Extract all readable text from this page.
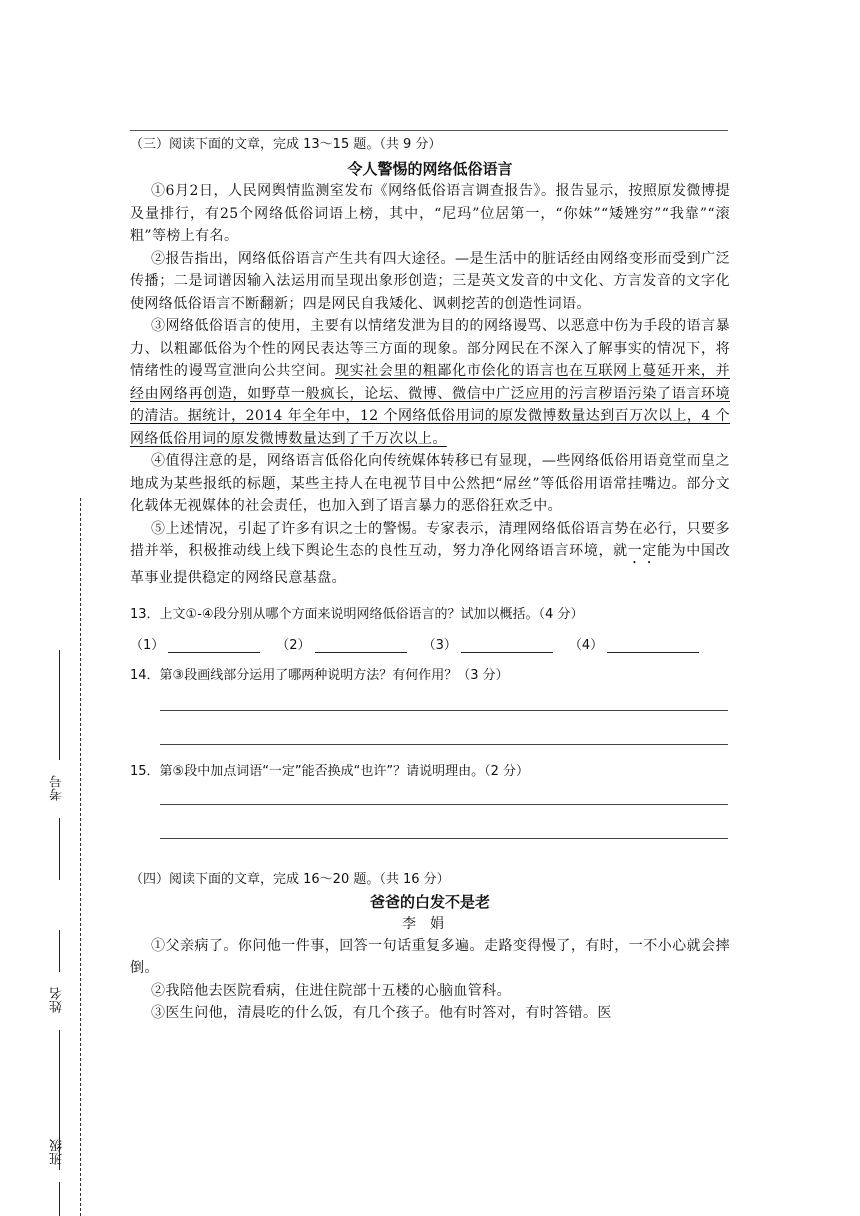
考号
姓名
班级

（三）阅读下面的文章，完成 13～15 题。（共 9 分）

令人警惕的网络低俗语言

①6月2日，人民网舆情监测室发布《网络低俗语言调查报告》。报告显示，按照原发微博提及量排行，有25个网络低俗词语上榜，其中，“尼玛”位居第一，“你妹”“矮矬穷”“我靠”“滚粗”等榜上有名。

②报告指出，网络低俗语言产生共有四大途径。—是生活中的脏话经由网络变形而受到广泛传播；二是词谱因输入法运用而呈现出象形创造；三是英文发音的中文化、方言发音的文字化使网络低俗语言不断翻新；四是网民自我矮化、讽刺挖苦的创造性词语。

③网络低俗语言的使用，主要有以情绪发泄为目的的网络谩骂、以恶意中伤为手段的语言暴力、以粗鄙低俗为个性的网民表达等三方面的现象。部分网民在不深入了解事实的情况下，将情绪性的谩骂宣泄向公共空间。现实社会里的粗鄙化市侩化的语言也在互联网上蔓延开来，并经由网络再创造，如野草一般疯长，论坛、微博、微信中广泛应用的污言秽语污染了语言环境的清洁。据统计，2014 年全年中，12 个网络低俗用词的原发微博数量达到百万次以上，4 个网络低俗用词的原发微博数量达到了千万次以上。

④值得注意的是，网络语言低俗化向传统媒体转移已有显现，—些网络低俗用语竟堂而皇之地成为某些报纸的标题，某些主持人在电视节目中公然把“屌丝”等低俗用语常挂嘴边。部分文化载体无视媒体的社会责任，也加入到了语言暴力的恶俗狂欢乏中。

⑤上述情况，引起了许多有识之士的警惕。专家表示，清理网络低俗语言势在必行，只要多措并举，积极推动线上线下舆论生态的良性互动，努力净化网络语言环境，就一定能为中国改革事业提供稳定的网络民意基盘。

13．上文①-④段分别从哪个方面来说明网络低俗语言的？试加以概括。（4 分）

（1）	（2）	（3）	（4）

14．第③段画线部分运用了哪两种说明方法？有何作用？（3 分）

15．第⑤段中加点词语“一定”能否换成“也许”？请说明理由。（2 分）

（四）阅读下面的文章，完成 16～20 题。（共 16 分）

爸爸的白发不是老

李娟

①父亲病了。你问他一件事，回答一句话重复多遍。走路变得慢了，有时，一不小心就会摔倒。

②我陪他去医院看病，住进住院部十五楼的心脑血管科。

③医生问他，清晨吃的什么饭，有几个孩子。他有时答对，有时答错。医
